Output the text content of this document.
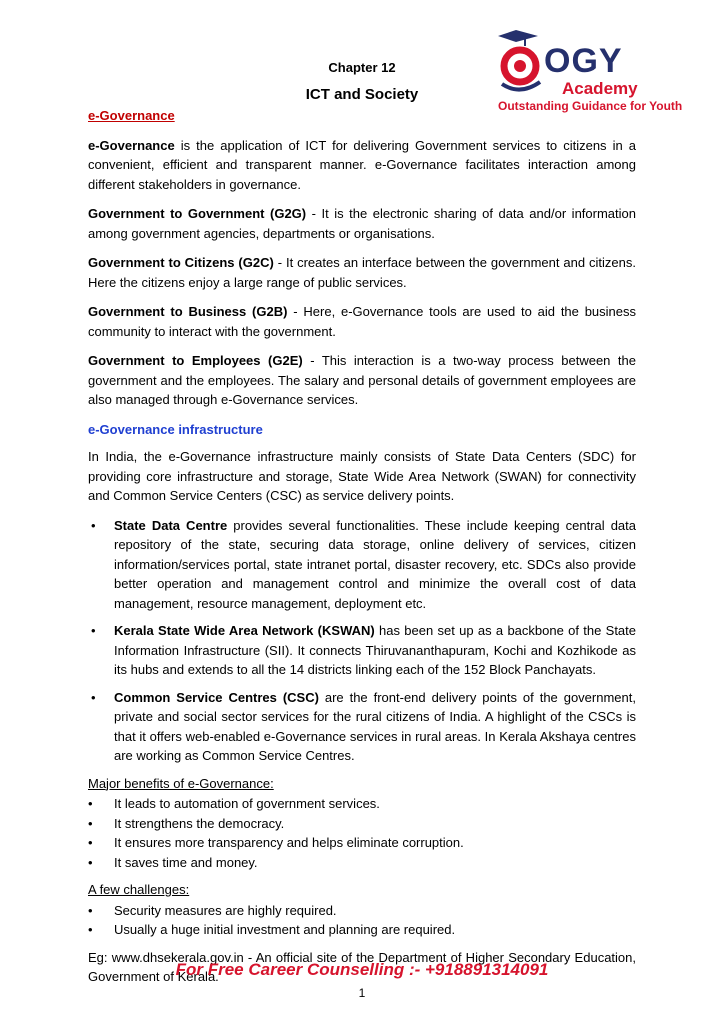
OGY
Academy
Outstanding Guidance for Youth
Chapter 12
ICT and Society
e-Governance

e-Governance is the application of ICT for delivering Government services to citizens in a convenient, efficient and transparent manner. e-Governance facilitates interaction among different stakeholders in governance.

Government to Government (G2G) - It is the electronic sharing of data and/or information among government agencies, departments or organisations.

Government to Citizens (G2C) - It creates an interface between the government and citizens. Here the citizens enjoy a large range of public services.

Government to Business (G2B) - Here, e-Governance tools are used to aid the business community to interact with the government.

Government to Employees (G2E) - This interaction is a two-way process between the government and the employees. The salary and personal details of government employees are also managed through e-Governance services.

e-Governance infrastructure

In India, the e-Governance infrastructure mainly consists of State Data Centers (SDC) for providing core infrastructure and storage, State Wide Area Network (SWAN) for connectivity and Common Service Centers (CSC) as service delivery points.

• State Data Centre provides several functionalities. These include keeping central data repository of the state, securing data storage, online delivery of services, citizen information/services portal, state intranet portal, disaster recovery, etc. SDCs also provide better operation and management control and minimize the overall cost of data management, resource management, deployment etc.
• Kerala State Wide Area Network (KSWAN) has been set up as a backbone of the State Information Infrastructure (SII). It connects Thiruvananthapuram, Kochi and Kozhikode as its hubs and extends to all the 14 districts linking each of the 152 Block Panchayats.
• Common Service Centres (CSC) are the front-end delivery points of the government, private and social sector services for the rural citizens of India. A highlight of the CSCs is that it offers web-enabled e-Governance services in rural areas. In Kerala Akshaya centres are working as Common Service Centres.
Major benefits of e-Governance:
• It leads to automation of government services.
• It strengthens the democracy.
• It ensures more transparency and helps eliminate corruption.
• It saves time and money.
A few challenges:
• Security measures are highly required.
• Usually a huge initial investment and planning are required.

Eg: www.dhsekerala.gov.in - An official site of the Department of Higher Secondary Education, Government of Kerala.

For Free Career Counselling :- +918891314091
1
